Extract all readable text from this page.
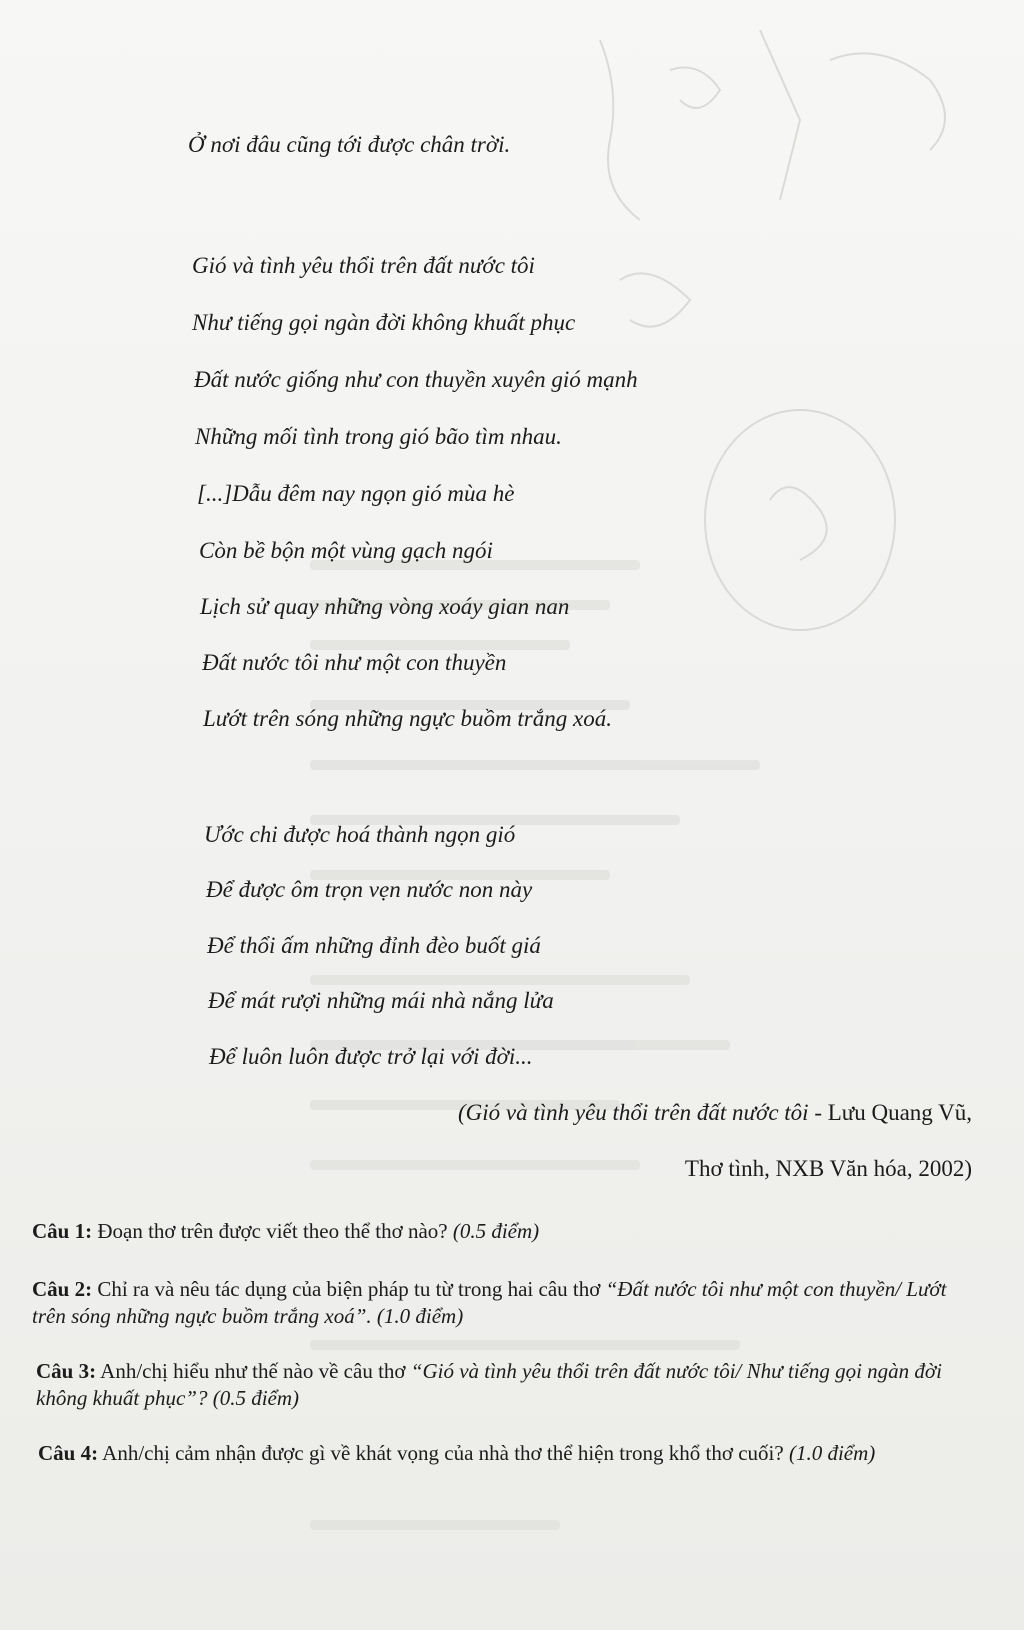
Ở nơi đâu cũng tới được chân trời.
Gió và tình yêu thổi trên đất nước tôi
Như tiếng gọi ngàn đời không khuất phục
Đất nước giống như con thuyền xuyên gió mạnh
Những mối tình trong gió bão tìm nhau.
[...]Dẫu đêm nay ngọn gió mùa hè
Còn bề bộn một vùng gạch ngói
Lịch sử quay những vòng xoáy gian nan
Đất nước tôi như một con thuyền
Lướt trên sóng những ngực buồm trắng xoá.
Ước chi được hoá thành ngọn gió
Để được ôm trọn vẹn nước non này
Để thổi ấm những đỉnh đèo buốt giá
Để mát rượi những mái nhà nắng lửa
Để luôn luôn được trở lại với đời...
(Gió và tình yêu thổi trên đất nước tôi - Lưu Quang Vũ,
Thơ tình, NXB Văn hóa, 2002)
Câu 1: Đoạn thơ trên được viết theo thể thơ nào? (0.5 điểm)
Câu 2: Chỉ ra và nêu tác dụng của biện pháp tu từ trong hai câu thơ “Đất nước tôi như một con thuyền/ Lướt trên sóng những ngực buồm trắng xoá”. (1.0 điểm)
Câu 3: Anh/chị hiểu như thế nào về câu thơ “Gió và tình yêu thổi trên đất nước tôi/ Như tiếng gọi ngàn đời không khuất phục”? (0.5 điểm)
Câu 4: Anh/chị cảm nhận được gì về khát vọng của nhà thơ thể hiện trong khổ thơ cuối? (1.0 điểm)
